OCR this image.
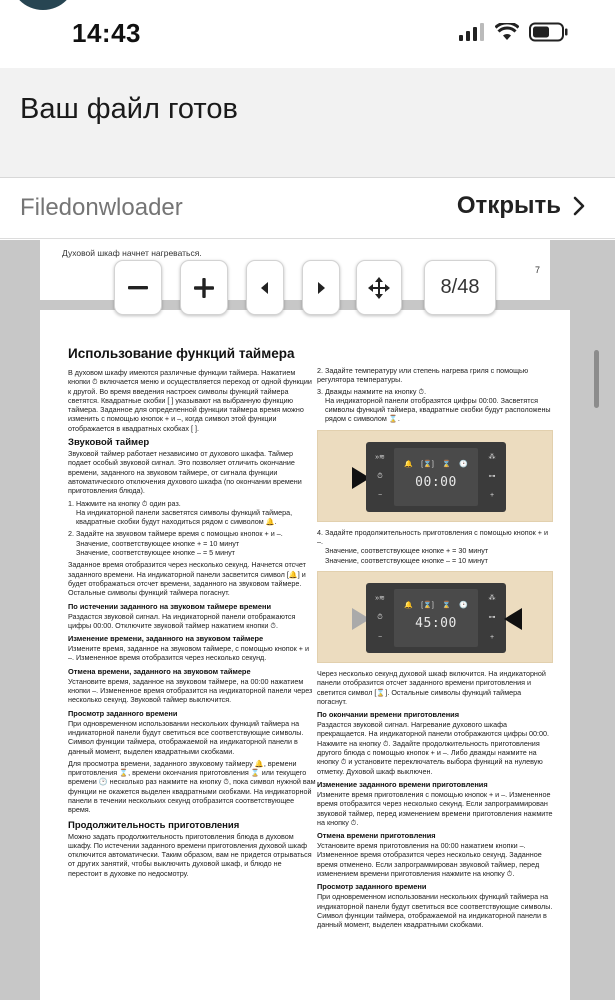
14:43
Ваш файл готов
Filedonwloader	Открыть
Духовой шкаф начнет нагреваться.
7

Использование функций таймера

В духовом шкафу имеются различные функции таймера. Нажатием кнопки ⏱ включается меню и осуществляется переход от одной функции к другой. Во время введения настроек символы функций таймера светятся. Квадратные скобки [ ] указывают на выбранную функцию таймера. Заданное для определенной функции таймера время можно изменить с помощью кнопок + и –, когда символ этой функции отображается в квадратных скобках [ ].

Звуковой таймер

Звуковой таймер работает независимо от духового шкафа. Таймер подает особый звуковой сигнал. Это позволяет отличить окончание времени, заданного на звуковом таймере, от сигнала функции автоматического отключения духового шкафа (по окончании времени приготовления блюда).

1. Нажмите на кнопку ⏱ один раз.

На индикаторной панели засветятся символы функций таймера, квадратные скобки будут находиться рядом с символом 🔔.

2. Задайте на звуковом таймере время с помощью кнопок + и –.

Значение, соответствующее кнопке + = 10 минут

Значение, соответствующее кнопке – = 5 минут

Заданное время отобразится через несколько секунд. Начнется отсчет заданного времени. На индикаторной панели засветится символ [🔔] и будет отображаться отсчет времени, заданного на звуковом таймере. Остальные символы функций таймера погаснут.

По истечении заданного на звуковом таймере времени

Раздастся звуковой сигнал. На индикаторной панели отображаются цифры 00:00. Отключите звуковой таймер нажатием кнопки ⏱.

Изменение времени, заданного на звуковом таймере

Измените время, заданное на звуковом таймере, с помощью кнопок + и –. Измененное время отобразится через несколько секунд.

Отмена времени, заданного на звуковом таймере

Установите время, заданное на звуковом таймере, на 00:00 нажатием кнопки –. Измененное время отобразится на индикаторной панели через несколько секунд. Звуковой таймер выключится.

Просмотр заданного времени

При одновременном использовании нескольких функций таймера на индикаторной панели будут светиться все соответствующие символы. Символ функции таймера, отображаемой на индикаторной панели в данный момент, выделен квадратными скобками.

Для просмотра времени, заданного звуковому таймеру 🔔, времени приготовления ⌛, времени окончания приготовления ⌛ или текущего времени 🕑 несколько раз нажмите на кнопку ⏱, пока символ нужной вам функции не окажется выделен квадратными скобками. На индикаторной панели в течении нескольких секунд отобразится соответствующее время.

Продолжительность приготовления

Можно задать продолжительность приготовления блюда в духовом шкафу. По истечении заданного времени приготовления духовой шкаф отключится автоматически. Таким образом, вам не придется отрываться от других занятий, чтобы выключить духовой шкаф, и блюдо не перестоит в духовке по недосмотру.

2. Задайте температуру или степень нагрева гриля с помощью регулятора температуры.

3. Дважды нажмите на кнопку ⏱.

На индикаторной панели отобразятся цифры 00:00. Засветятся символы функций таймера, квадратные скобки будут расположены рядом с символом ⌛.

»≋
⏱
−
🔔 [⌛] ⌛ 🕑
00:00
⁂
⊶
+

4. Задайте продолжительность приготовления с помощью кнопок + и –.

Значение, соответствующее кнопке + = 30 минут

Значение, соответствующее кнопке – = 10 минут

»≋
⏱
−
🔔 [⌛] ⌛ 🕑
45:00
⁂
⊶
+

Через несколько секунд духовой шкаф включится. На индикаторной панели отобразится отсчет заданного времени приготовления и светится символ [⌛]. Остальные символы функций таймера погаснут.

По окончании времени приготовления

Раздастся звуковой сигнал. Нагревание духового шкафа прекращается. На индикаторной панели отображаются цифры 00:00. Нажмите на кнопку ⏱. Задайте продолжительность приготовления другого блюда с помощью кнопок + и –. Либо дважды нажмите на кнопку ⏱ и установите переключатель выбора функций на нулевую отметку. Духовой шкаф выключен.

Изменение заданного времени приготовления

Измените время приготовления с помощью кнопок + и –. Измененное время отобразится через несколько секунд. Если запрограммирован звуковой таймер, перед изменением времени приготовления нажмите на кнопку ⏱.

Отмена времени приготовления

Установите время приготовления на 00:00 нажатием кнопки –. Измененное время отобразится через несколько секунд. Заданное время отменено. Если запрограммирован звуковой таймер, перед изменением времени приготовления нажмите на кнопку ⏱.

Просмотр заданного времени

При одновременном использовании нескольких функций таймера на индикаторной панели будут светиться все соответствующие символы. Символ функции таймера, отображаемой на индикаторной панели в данный момент, выделен квадратными скобками.

8/48
